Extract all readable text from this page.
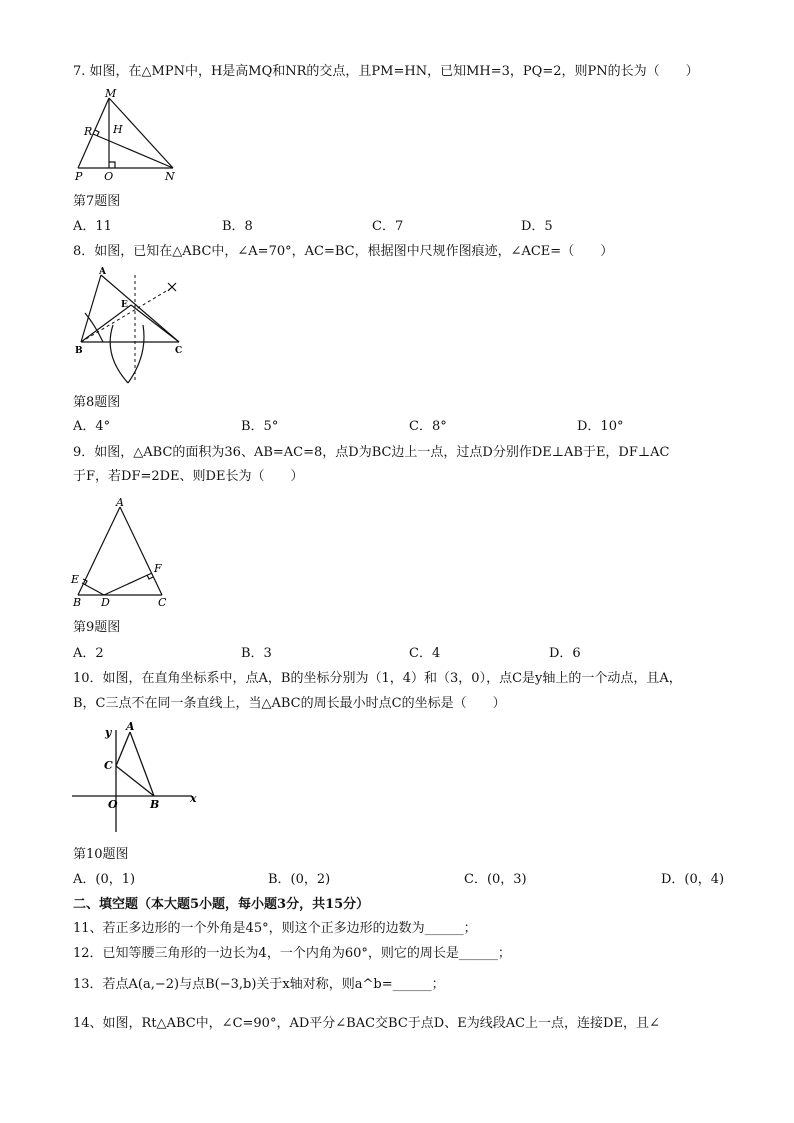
7. 如图，在△MPN中，H是高MQ和NR的交点，且PM=HN，已知MH=3，PQ=2，则PN的长为（　　）
M
R H
P Q	N
第7题图
A．11	B．8	C．7	D．5
8．如图，已知在△ABC中，∠A=70°，AC=BC，根据图中尺规作图痕迹，∠ACE=（　　）
A
E
B	C
第8题图
A．4°	B．5°	C．8°	D．10°
9．如图，△ABC的面积为36、AB=AC=8，点D为BC边上一点，过点D分别作DE⊥AB于E，DF⊥AC
于F，若DF=2DE、则DE长为（　　）
A
E
F
B D	C
第9题图
A．2	B．3	C．4	D．6
10．如图，在直角坐标系中，点A，B的坐标分别为（1，4）和（3，0），点C是y轴上的一个动点，且A，
B，C三点不在同一条直线上，当△ABC的周长最小时点C的坐标是（　　）
y A
C
O	B	x
第10题图
A．(0，1)	B．(0，2)	C．(0，3)	D．(0，4)
二、填空题（本大题5小题，每小题3分，共15分）
11、若正多边形的一个外角是45°，则这个正多边形的边数为______；
12．已知等腰三角形的一边长为4，一个内角为60°，则它的周长是______；
13．若点A(a,−2)与点B(−3,b)关于x轴对称，则a^b=______；
14、如图，Rt△ABC中，∠C=90°，AD平分∠BAC交BC于点D、E为线段AC上一点，连接DE，且∠
